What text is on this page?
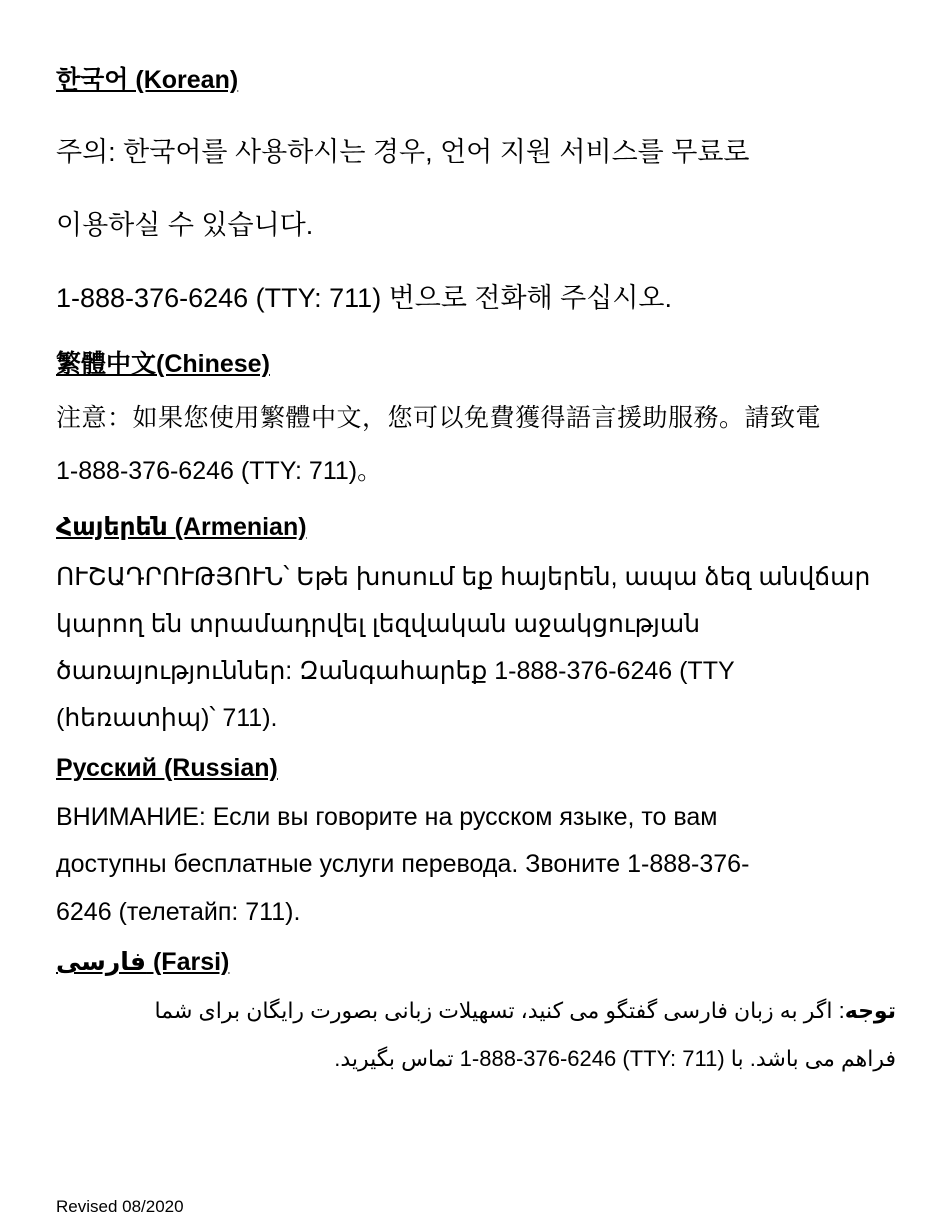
한국어 (Korean)
주의: 한국어를 사용하시는 경우, 언어 지원 서비스를 무료로
이용하실 수 있습니다.
1-888-376-6246 (TTY: 711) 번으로 전화해 주십시오.
繁體中文(Chinese)
注意：如果您使用繁體中文，您可以免費獲得語言援助服務。請致電
1-888-376-6246 (TTY: 711)。
Հայերեն (Armenian)
ՈՒՇԱԴՐՈՒԹՅՈՒՆ՝ Եթե խոսում եք հայերեն, ապա ձեզ անվճար
կարող են տրամադրվել լեզվական աջակցության
ծառայություններ: Զանգահարեք 1-888-376-6246 (TTY
(հեռատիպ)՝ 711).
Русский (Russian)
ВНИМАНИЕ: Если вы говорите на русском языке, то вам
доступны бесплатные услуги перевода. Звоните 1-888-376-
6246 (телетайп: 711).
فارسی (Farsi)
توجه: اگر به زبان فارسی گفتگو می کنید، تسهیلات زبانی بصورت رایگان برای شما
فراهم می باشد. با (TTY: 711) 1-888-376-6246 تماس بگیرید.
Revised 08/2020
